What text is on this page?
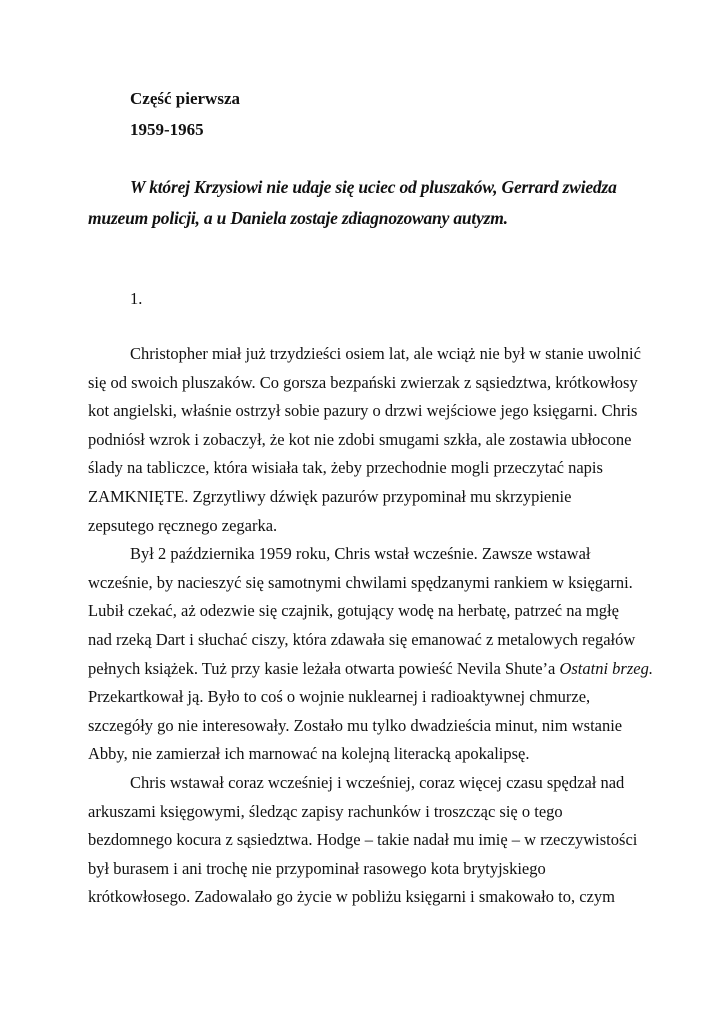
Część pierwsza
1959-1965
W której Krzysiowi nie udaje się uciec od pluszaków, Gerrard zwiedza
muzeum policji, a u Daniela zostaje zdiagnozowany autyzm.
1.

Christopher miał już trzydzieści osiem lat, ale wciąż nie był w stanie uwolnić
się od swoich pluszaków. Co gorsza bezpański zwierzak z sąsiedztwa, krótkowłosy
kot angielski, właśnie ostrzył sobie pazury o drzwi wejściowe jego księgarni. Chris
podniósł wzrok i zobaczył, że kot nie zdobi smugami szkła, ale zostawia ubłocone
ślady na tabliczce, która wisiała tak, żeby przechodnie mogli przeczytać napis
ZAMKNIĘTE. Zgrzytliwy dźwięk pazurów przypominał mu skrzypienie
zepsutego ręcznego zegarka.

Był 2 października 1959 roku, Chris wstał wcześnie. Zawsze wstawał
wcześnie, by nacieszyć się samotnymi chwilami spędzanymi rankiem w księgarni.
Lubił czekać, aż odezwie się czajnik, gotujący wodę na herbatę, patrzeć na mgłę
nad rzeką Dart i słuchać ciszy, która zdawała się emanować z metalowych regałów
pełnych książek. Tuż przy kasie leżała otwarta powieść Nevila Shute’a Ostatni brzeg.
Przekartkował ją. Było to coś o wojnie nuklearnej i radioaktywnej chmurze,
szczegóły go nie interesowały. Zostało mu tylko dwadzieścia minut, nim wstanie
Abby, nie zamierzał ich marnować na kolejną literacką apokalipsę.

Chris wstawał coraz wcześniej i wcześniej, coraz więcej czasu spędzał nad
arkuszami księgowymi, śledząc zapisy rachunków i troszcząc się o tego
bezdomnego kocura z sąsiedztwa. Hodge – takie nadał mu imię – w rzeczywistości
był burasem i ani trochę nie przypominał rasowego kota brytyjskiego
krótkowłosego. Zadowalało go życie w pobliżu księgarni i smakowało to, czym
